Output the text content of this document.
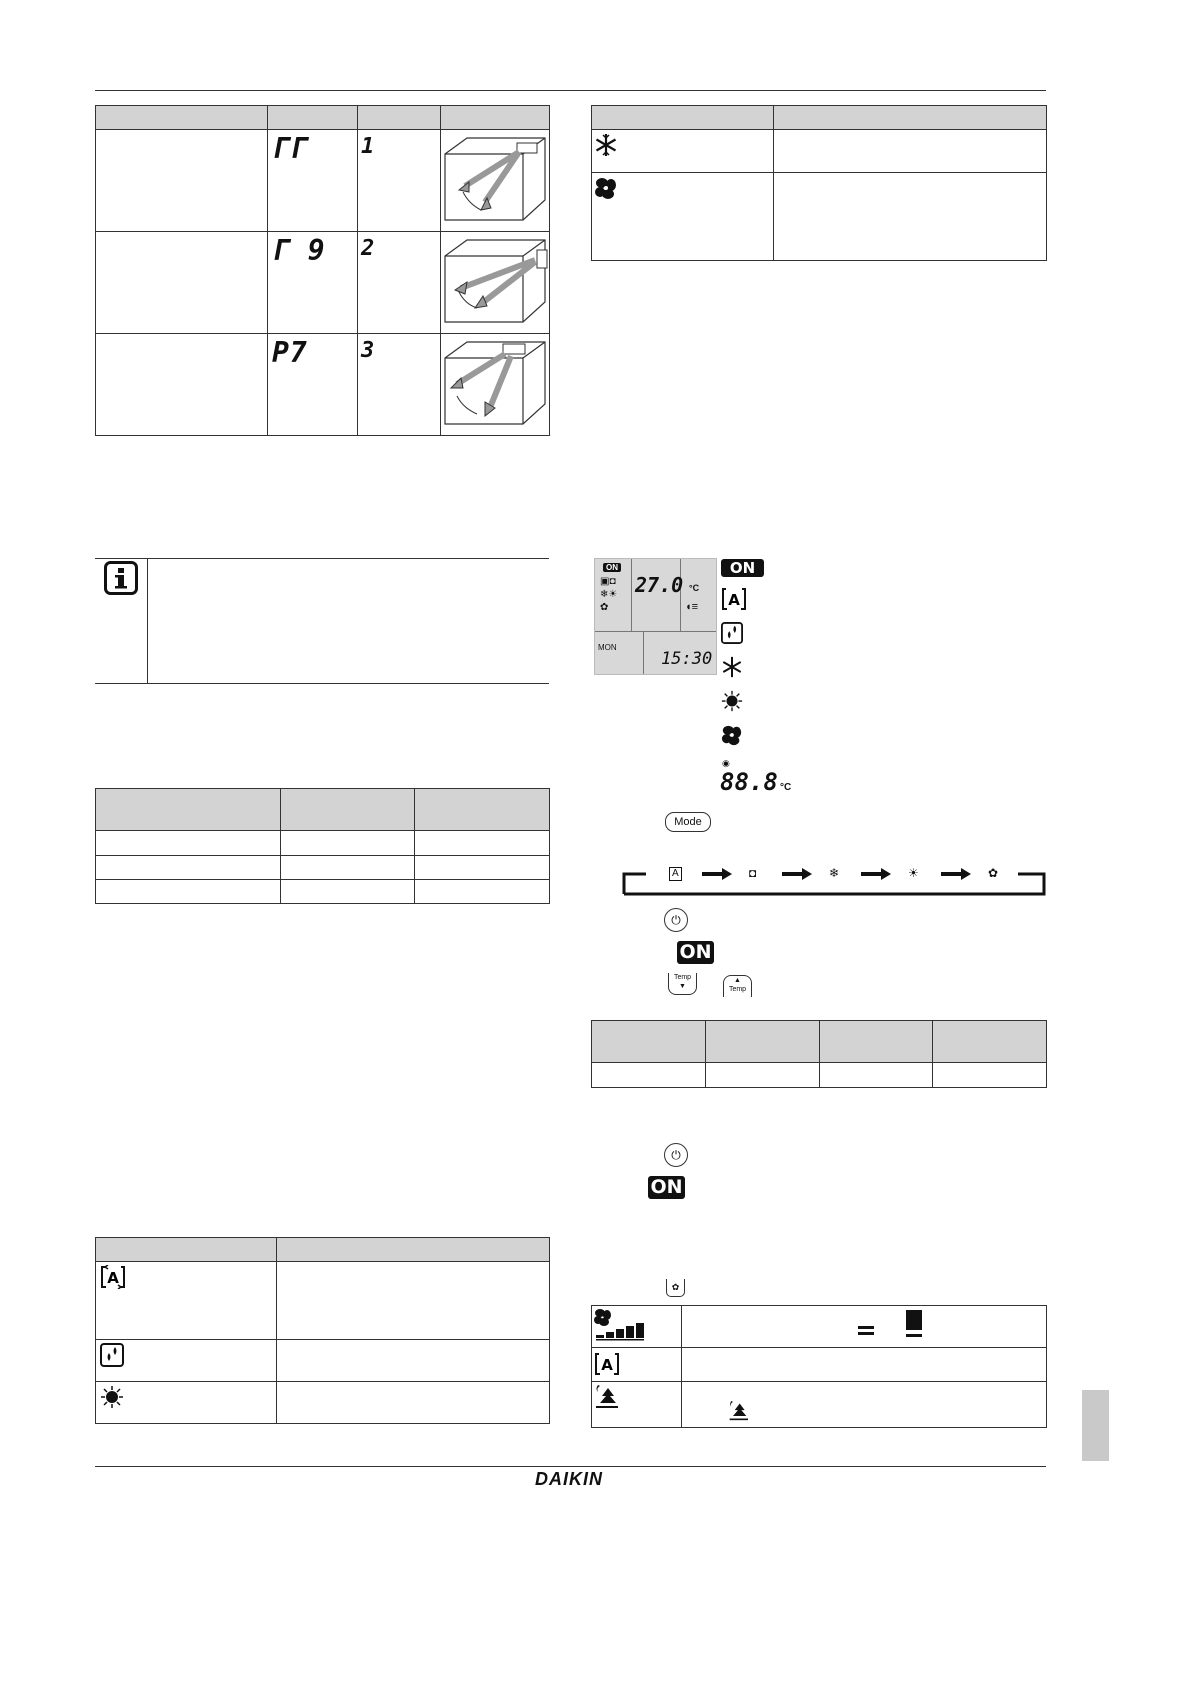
DAIKIN

	ΓΓ	1

	Γ 9	2

	P7	3

A	

ON
▣◘
❄☀
✿
27.0 °C
◖≡
MON
15:30
ON
A
◉
88.8 °C
Mode
A	◘	❄	☀	✿
⏻
ON
Temp
▼
▲
Temp

⏻
ON
✿

A	
